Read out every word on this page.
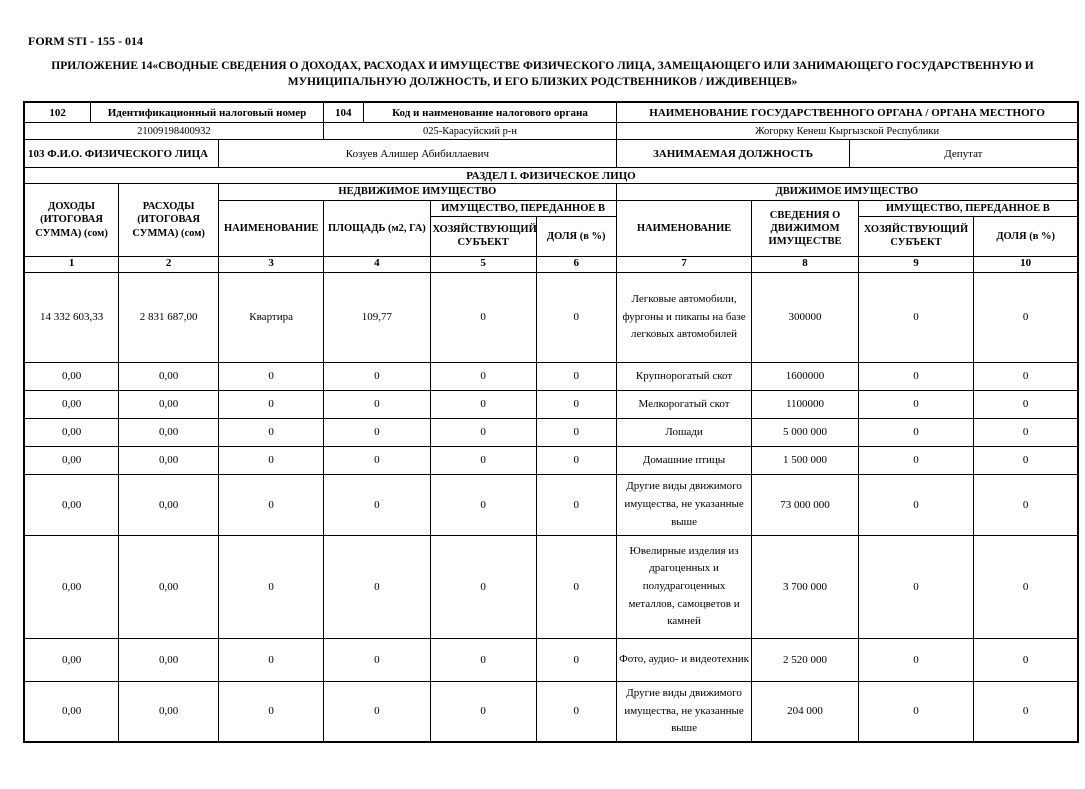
FORM STI - 155 - 014
ПРИЛОЖЕНИЕ 14«СВОДНЫЕ СВЕДЕНИЯ О ДОХОДАХ, РАСХОДАХ И ИМУЩЕСТВЕ ФИЗИЧЕСКОГО ЛИЦА, ЗАМЕЩАЮЩЕГО ИЛИ ЗАНИМАЮЩЕГО ГОСУДАРСТВЕННУЮ И МУНИЦИПАЛЬНУЮ ДОЛЖНОСТЬ, И ЕГО БЛИЗКИХ РОДСТВЕННИКОВ / ИЖДИВЕНЦЕВ»
102	Идентификационный налоговый номер	104	Код и наименование налогового органа	НАИМЕНОВАНИЕ ГОСУДАРСТВЕННОГО ОРГАНА / ОРГАНА МЕСТНОГО
21009198400932	025-Карасуйский р-н	Жогорку Кенеш Кыргызской Республики
103 Ф.И.О. ФИЗИЧЕСКОГО ЛИЦА	Козуев Алишер Абибиллаевич	ЗАНИМАЕМАЯ ДОЛЖНОСТЬ	Депутат
РАЗДЕЛ I. ФИЗИЧЕСКОЕ ЛИЦО
ДОХОДЫ (ИТОГОВАЯ СУММА) (сом)	РАСХОДЫ (ИТОГОВАЯ СУММА) (сом)	НЕДВИЖИМОЕ ИМУЩЕСТВО				ДВИЖИМОЕ ИМУЩЕСТВО			
		НАИМЕНОВАНИЕ	ПЛОЩАДЬ (м2, ГА)	ИМУЩЕСТВО, ПЕРЕДАННОЕ В		НАИМЕНОВАНИЕ	СВЕДЕНИЯ О ДВИЖИМОМ ИМУЩЕСТВЕ	ИМУЩЕСТВО, ПЕРЕДАННОЕ В	
				ХОЗЯЙСТВУЮЩИЙ СУБЪЕКТ	ДОЛЯ (в %)			ХОЗЯЙСТВУЮЩИЙ СУБЪЕКТ	ДОЛЯ (в %)
1	2	3	4	5	6	7	8	9	10
14 332 603,33	2 831 687,00	Квартира	109,77	0	0	Легковые автомобили, фургоны и пикапы на базе легковых автомобилей	300000	0	0
0,00	0,00	0	0	0	0	Крупнорогатый скот	1600000	0	0
0,00	0,00	0	0	0	0	Мелкорогатый скот	1100000	0	0
0,00	0,00	0	0	0	0	Лошади	5 000 000	0	0
0,00	0,00	0	0	0	0	Домашние птицы	1 500 000	0	0
0,00	0,00	0	0	0	0	Другие виды движимого имущества, не указанные выше	73 000 000	0	0
0,00	0,00	0	0	0	0	Ювелирные изделия из драгоценных и полудрагоценных металлов, самоцветов и камней	3 700 000	0	0
0,00	0,00	0	0	0	0	Фото, аудио- и видеотехник	2 520 000	0	0
0,00	0,00	0	0	0	0	Другие виды движимого имущества, не указанные выше	204 000	0	0
